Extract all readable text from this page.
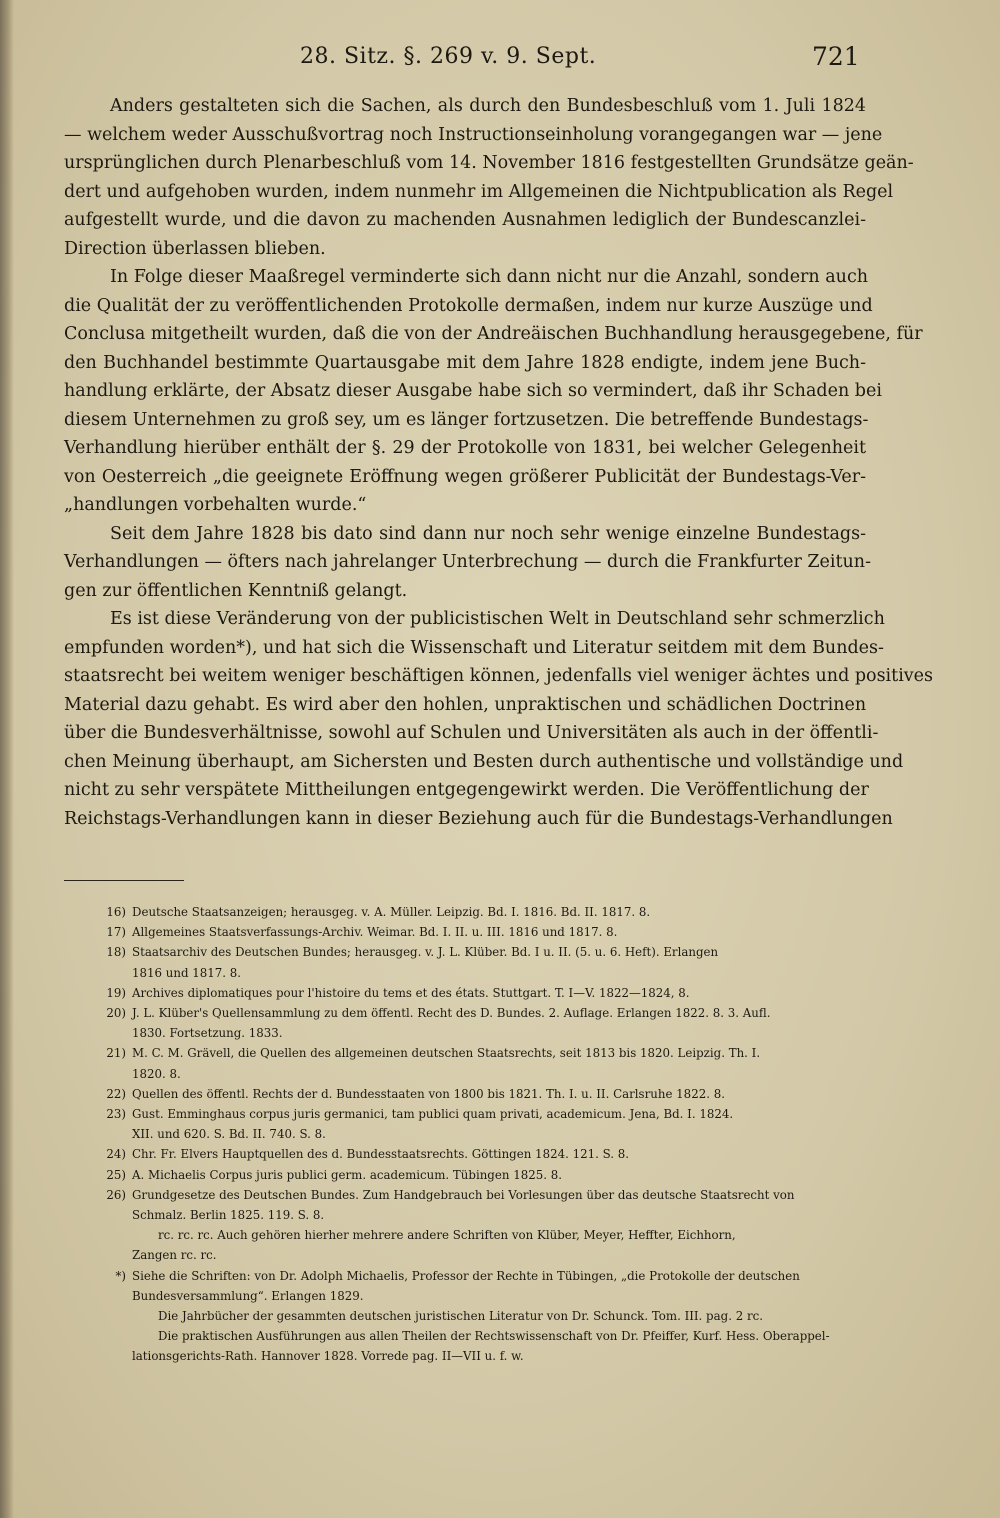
28. Sitz. §. 269 v. 9. Sept.	721
Anders gestalteten sich die Sachen, als durch den Bundesbeschluß vom 1. Juli 1824
— welchem weder Ausschußvortrag noch Instructionseinholung vorangegangen war — jene
ursprünglichen durch Plenarbeschluß vom 14. November 1816 festgestellten Grundsätze geän-
dert und aufgehoben wurden, indem nunmehr im Allgemeinen die Nichtpublication als Regel
aufgestellt wurde, und die davon zu machenden Ausnahmen lediglich der Bundescanzlei-
Direction überlassen blieben.
In Folge dieser Maaßregel verminderte sich dann nicht nur die Anzahl, sondern auch
die Qualität der zu veröffentlichenden Protokolle dermaßen, indem nur kurze Auszüge und
Conclusa mitgetheilt wurden, daß die von der Andreäischen Buchhandlung herausgegebene, für
den Buchhandel bestimmte Quartausgabe mit dem Jahre 1828 endigte, indem jene Buch-
handlung erklärte, der Absatz dieser Ausgabe habe sich so vermindert, daß ihr Schaden bei
diesem Unternehmen zu groß sey, um es länger fortzusetzen. Die betreffende Bundestags-
Verhandlung hierüber enthält der §. 29 der Protokolle von 1831, bei welcher Gelegenheit
von Oesterreich „die geeignete Eröffnung wegen größerer Publicität der Bundestags-Ver-
„handlungen vorbehalten wurde.“
Seit dem Jahre 1828 bis dato sind dann nur noch sehr wenige einzelne Bundestags-
Verhandlungen — öfters nach jahrelanger Unterbrechung — durch die Frankfurter Zeitun-
gen zur öffentlichen Kenntniß gelangt.
Es ist diese Veränderung von der publicistischen Welt in Deutschland sehr schmerzlich
empfunden worden*), und hat sich die Wissenschaft und Literatur seitdem mit dem Bundes-
staatsrecht bei weitem weniger beschäftigen können, jedenfalls viel weniger ächtes und positives
Material dazu gehabt. Es wird aber den hohlen, unpraktischen und schädlichen Doctrinen
über die Bundesverhältnisse, sowohl auf Schulen und Universitäten als auch in der öffentli-
chen Meinung überhaupt, am Sichersten und Besten durch authentische und vollständige und
nicht zu sehr verspätete Mittheilungen entgegengewirkt werden. Die Veröffentlichung der
Reichstags-Verhandlungen kann in dieser Beziehung auch für die Bundestags-Verhandlungen
16) Deutsche Staatsanzeigen; herausgeg. v. A. Müller. Leipzig. Bd. I. 1816. Bd. II. 1817. 8.
17) Allgemeines Staatsverfassungs-Archiv. Weimar. Bd. I. II. u. III. 1816 und 1817. 8.
18) Staatsarchiv des Deutschen Bundes; herausgeg. v. J. L. Klüber. Bd. I u. II. (5. u. 6. Heft). Erlangen
1816 und 1817. 8.
19) Archives diplomatiques pour l'histoire du tems et des états. Stuttgart. T. I—V. 1822—1824, 8.
20) J. L. Klüber's Quellensammlung zu dem öffentl. Recht des D. Bundes. 2. Auflage. Erlangen 1822. 8. 3. Aufl.
1830. Fortsetzung. 1833.
21) M. C. M. Grävell, die Quellen des allgemeinen deutschen Staatsrechts, seit 1813 bis 1820. Leipzig. Th. I.
1820. 8.
22) Quellen des öffentl. Rechts der d. Bundesstaaten von 1800 bis 1821. Th. I. u. II. Carlsruhe 1822. 8.
23) Gust. Emminghaus corpus juris germanici, tam publici quam privati, academicum. Jena, Bd. I. 1824.
XII. und 620. S. Bd. II. 740. S. 8.
24) Chr. Fr. Elvers Hauptquellen des d. Bundesstaatsrechts. Göttingen 1824. 121. S. 8.
25) A. Michaelis Corpus juris publici germ. academicum. Tübingen 1825. 8.
26) Grundgesetze des Deutschen Bundes. Zum Handgebrauch bei Vorlesungen über das deutsche Staatsrecht von
Schmalz. Berlin 1825. 119. S. 8.
rc. rc. rc. Auch gehören hierher mehrere andere Schriften von Klüber, Meyer, Heffter, Eichhorn,
Zangen rc. rc.
*) Siehe die Schriften: von Dr. Adolph Michaelis, Professor der Rechte in Tübingen, „die Protokolle der deutschen
Bundesversammlung“. Erlangen 1829.
Die Jahrbücher der gesammten deutschen juristischen Literatur von Dr. Schunck. Tom. III. pag. 2 rc.
Die praktischen Ausführungen aus allen Theilen der Rechtswissenschaft von Dr. Pfeiffer, Kurf. Hess. Oberappel-
lationsgerichts-Rath. Hannover 1828. Vorrede pag. II—VII u. f. w.
